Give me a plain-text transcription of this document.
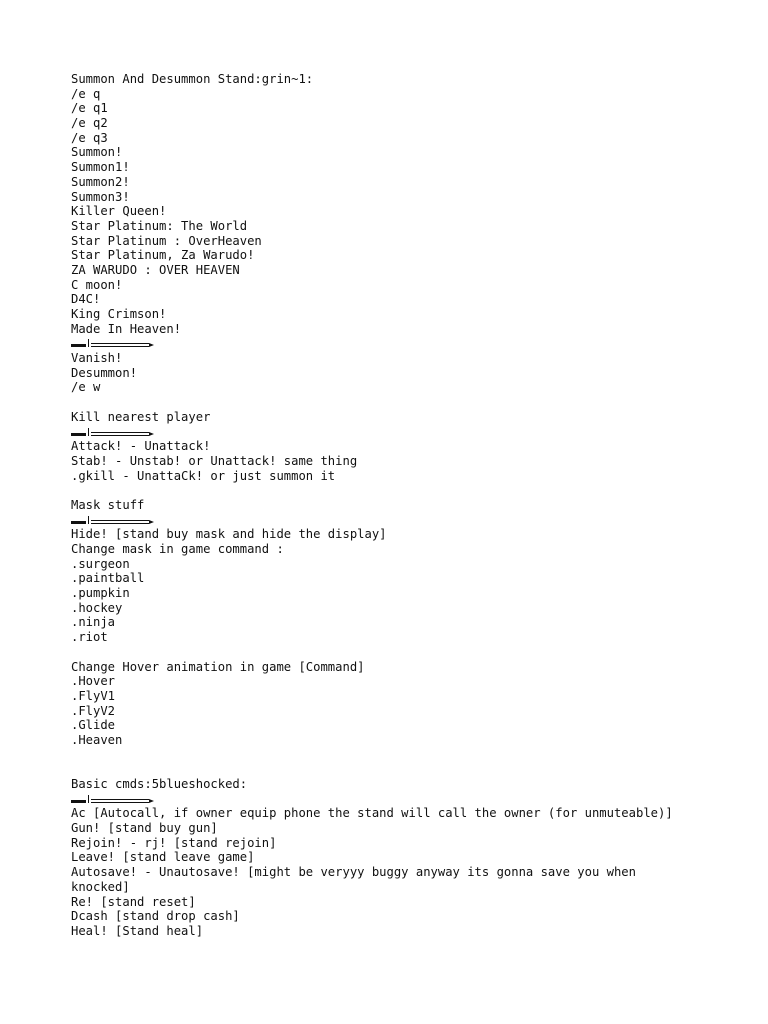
Summon And Desummon Stand:grin~1:
/e q
/e q1
/e q2
/e q3
Summon!
Summon1!
Summon2!
Summon3!
Killer Queen!
Star Platinum: The World
Star Platinum : OverHeaven
Star Platinum, Za Warudo!
ZA WARUDO : OVER HEAVEN
C moon!
D4C!
King Crimson!
Made In Heaven!
Vanish!
Desummon!
/e w
Kill nearest player
Attack! - Unattack!
Stab! - Unstab! or Unattack! same thing
.gkill - UnattaCk! or just summon it
Mask stuff
Hide! [stand buy mask and hide the display]
Change mask in game command :
.surgeon
.paintball
.pumpkin
.hockey
.ninja
.riot
Change Hover animation in game [Command]
.Hover
.FlyV1
.FlyV2
.Glide
.Heaven
Basic cmds:5blueshocked:
Ac [Autocall, if owner equip phone the stand will call the owner (for unmuteable)]
Gun! [stand buy gun]
Rejoin! - rj! [stand rejoin]
Leave! [stand leave game]
Autosave! - Unautosave! [might be veryyy buggy anyway its gonna save you when
knocked]
Re! [stand reset]
Dcash [stand drop cash]
Heal! [Stand heal]
